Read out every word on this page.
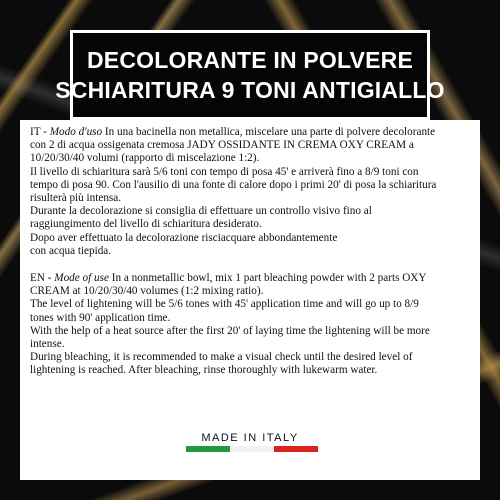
DECOLORANTE IN POLVERE
SCHIARITURA 9 TONI ANTIGIALLO
IT - Modo d'uso In una bacinella non metallica, miscelare una parte di polvere decolorante
con 2 di acqua ossigenata cremosa JADY OSSIDANTE IN CREMA OXY CREAM a
10/20/30/40 volumi (rapporto di miscelazione 1:2).
Il livello di schiaritura sarà 5/6 toni con tempo di posa 45' e arriverà fino a 8/9 toni con
tempo di posa 90. Con l'ausilio di una fonte di calore dopo i primi 20' di posa la schiaritura
risulterà più intensa.
Durante la decolorazione si consiglia di effettuare un controllo visivo fino al
raggiungimento del livello di schiaritura desiderato.
Dopo aver effettuato la decolorazione risciacquare abbondantemente
con acqua tiepida.
EN - Mode of use In a nonmetallic bowl, mix 1 part bleaching powder with 2 parts OXY
CREAM at 10/20/30/40 volumes (1:2 mixing ratio).
The level of lightening will be 5/6 tones with 45' application time and will go up to 8/9
tones with 90' application time.
With the help of a heat source after the first 20' of laying time the lightening will be more
intense.
During bleaching, it is recommended to make a visual check until the desired level of
lightening is reached. After bleaching, rinse thoroughly with lukewarm water.
MADE IN ITALY
